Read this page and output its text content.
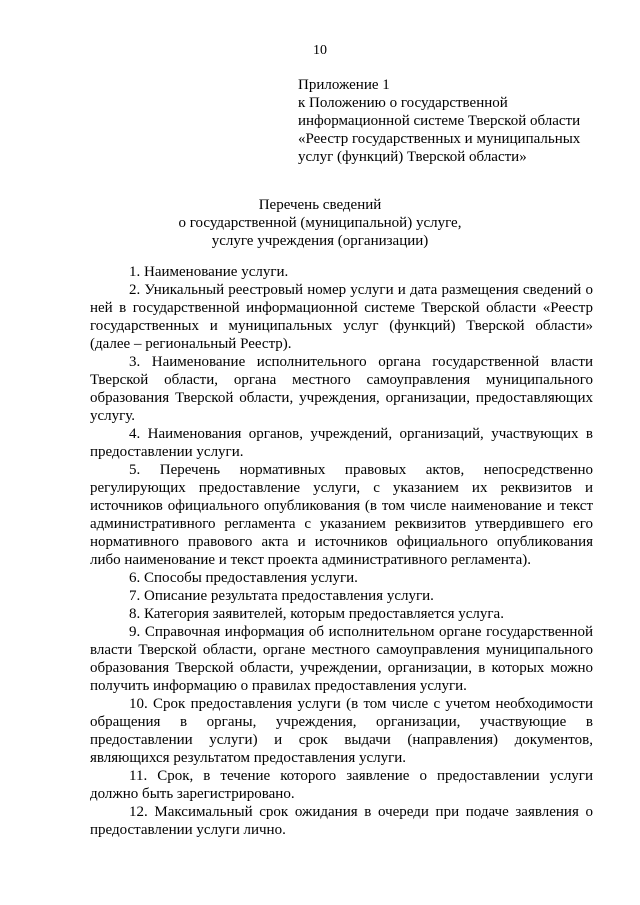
10
Приложение 1
к Положению о государственной
информационной системе Тверской области
«Реестр государственных и муниципальных
услуг (функций) Тверской области»
Перечень сведений
о государственной (муниципальной) услуге,
услуге учреждения (организации)

1. Наименование услуги.

2. Уникальный реестровый номер услуги и дата размещения сведений о ней в государственной информационной системе Тверской области «Реестр государственных и муниципальных услуг (функций) Тверской области» (далее – региональный Реестр).

3. Наименование исполнительного органа государственной власти Тверской области, органа местного самоуправления муниципального образования Тверской области, учреждения, организации, предоставляющих услугу.

4. Наименования органов, учреждений, организаций, участвующих в предоставлении услуги.

5. Перечень нормативных правовых актов, непосредственно регулирующих предоставление услуги, с указанием их реквизитов и источников официального опубликования (в том числе наименование и текст административного регламента с указанием реквизитов утвердившего его нормативного правового акта и источников официального опубликования либо наименование и текст проекта административного регламента).

6. Способы предоставления услуги.

7. Описание результата предоставления услуги.

8. Категория заявителей, которым предоставляется услуга.

9. Справочная информация об исполнительном органе государственной власти Тверской области, органе местного самоуправления муниципального образования Тверской области, учреждении, организации, в которых можно получить информацию о правилах предоставления услуги.

10. Срок предоставления услуги (в том числе с учетом необходимости обращения в органы, учреждения, организации, участвующие в предоставлении услуги) и срок выдачи (направления) документов, являющихся результатом предоставления услуги.

11. Срок, в течение которого заявление о предоставлении услуги должно быть зарегистрировано.

12. Максимальный срок ожидания в очереди при подаче заявления о предоставлении услуги лично.
